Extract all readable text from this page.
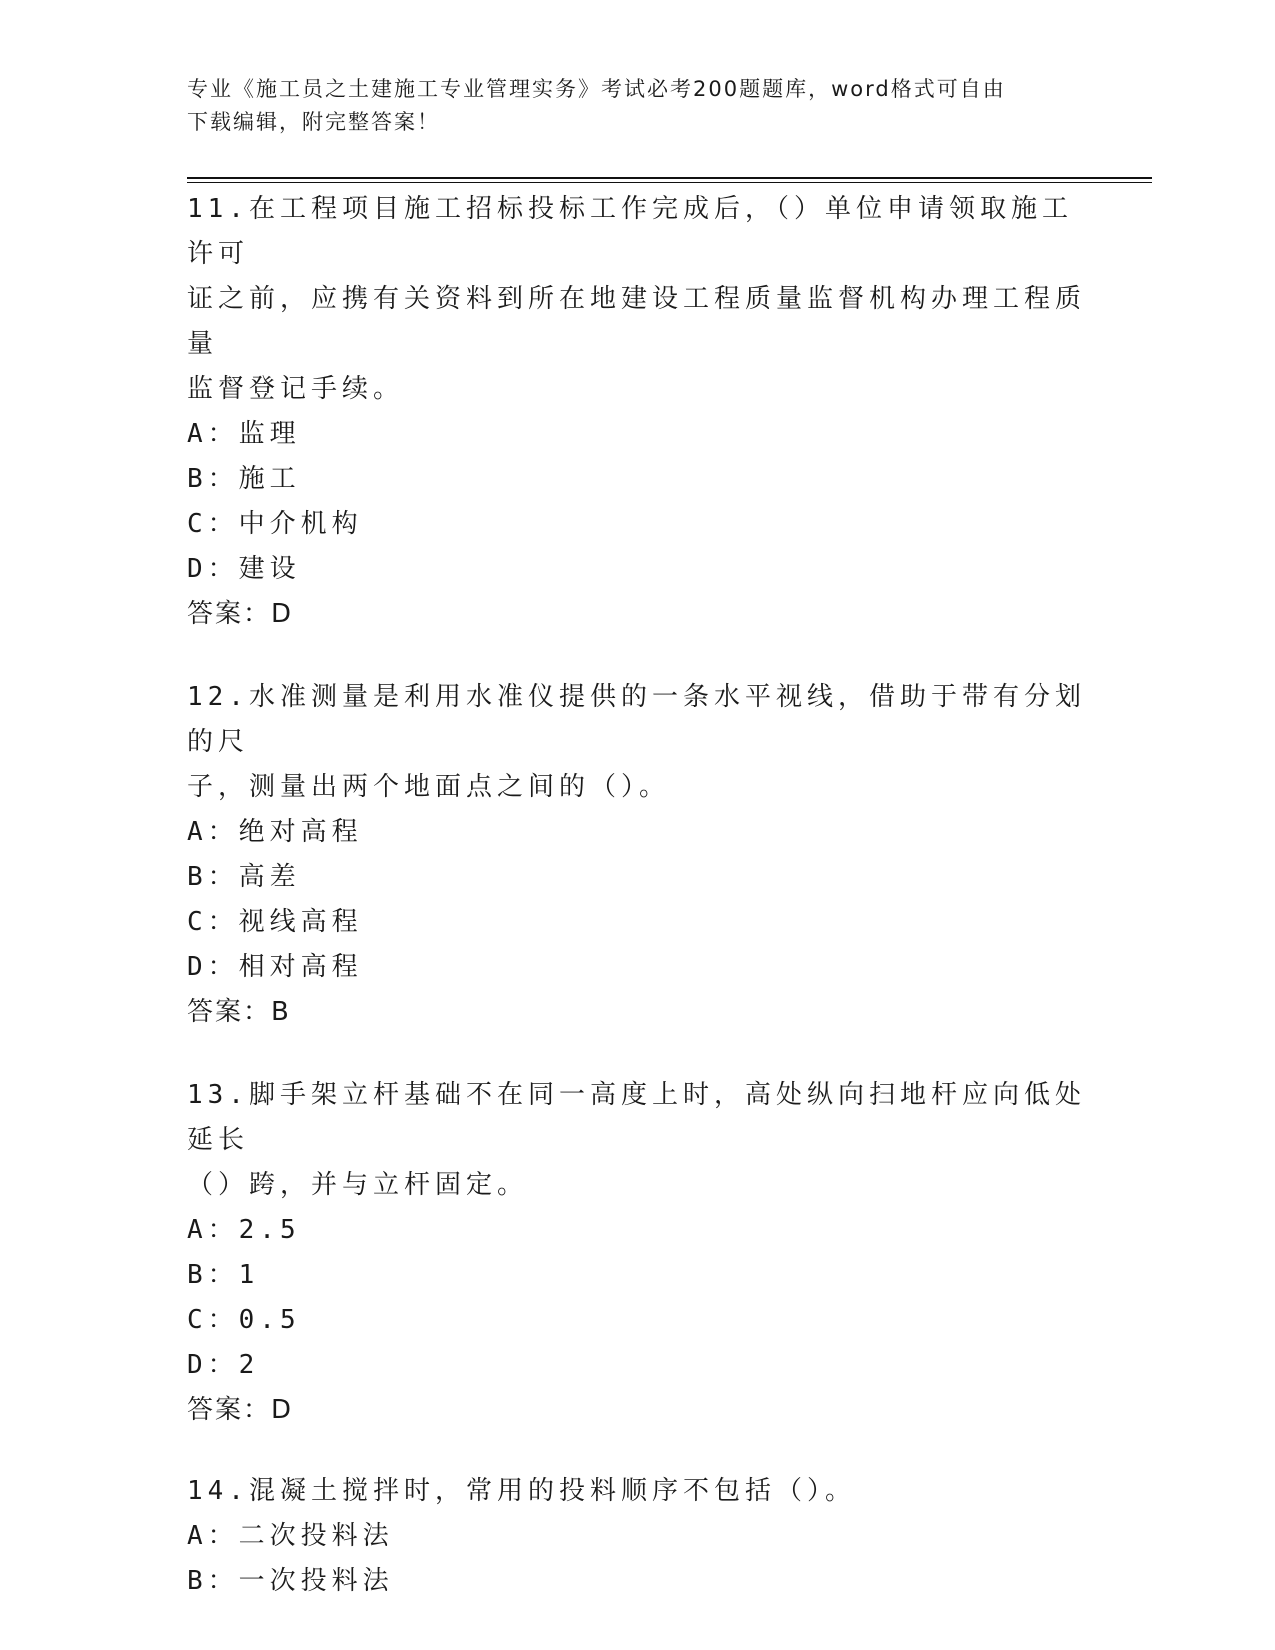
专业《施工员之土建施工专业管理实务》考试必考200题题库，word格式可自由
下载编辑，附完整答案！

11.在工程项目施工招标投标工作完成后，（）单位申请领取施工许可

证之前，应携有关资料到所在地建设工程质量监督机构办理工程质量

监督登记手续。

A：监理

B：施工

C：中介机构

D：建设

答案：D

12.水准测量是利用水准仪提供的一条水平视线，借助于带有分划的尺

子，测量出两个地面点之间的（）。

A：绝对高程

B：高差

C：视线高程

D：相对高程

答案：B

13.脚手架立杆基础不在同一高度上时，高处纵向扫地杆应向低处延长

（）跨，并与立杆固定。

A：2.5

B：1

C：0.5

D：2

答案：D

14.混凝土搅拌时，常用的投料顺序不包括（）。

A：二次投料法

B：一次投料法
